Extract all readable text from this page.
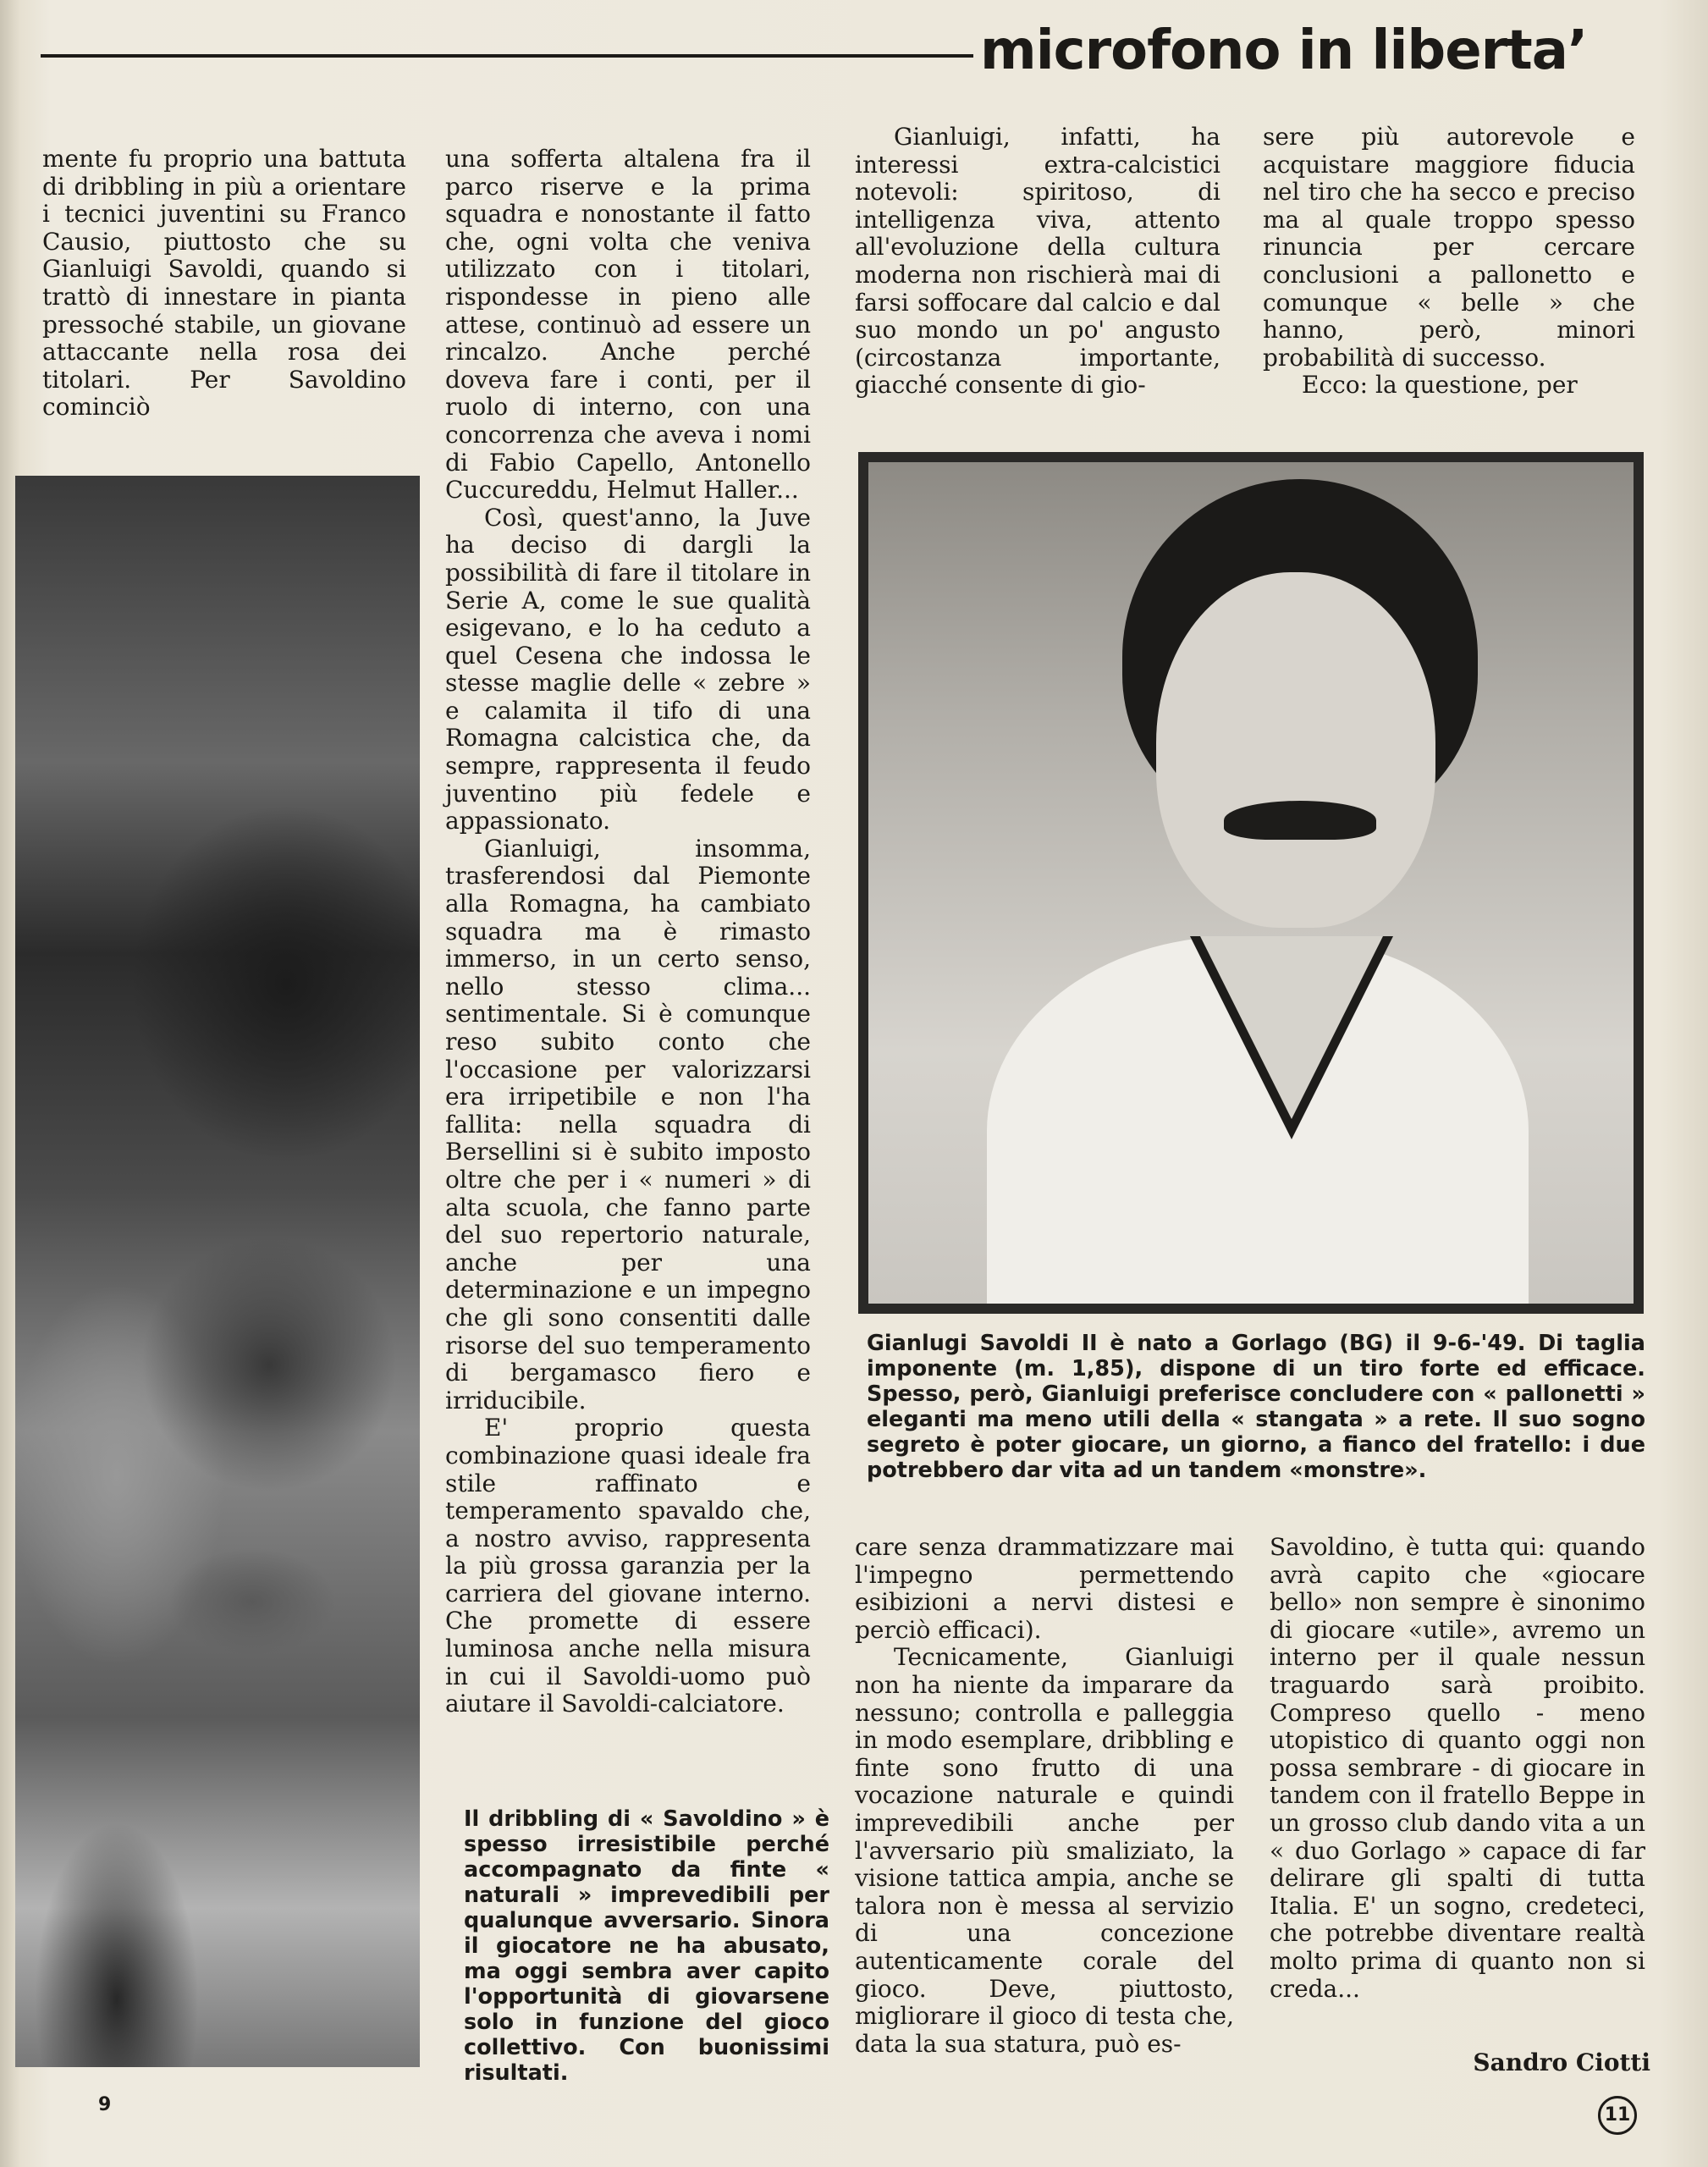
microfono in liberta’

mente fu proprio una battuta di dribbling in più a orientare i tecnici juventini su Franco Causio, piuttosto che su Gianluigi Savoldi, quando si trattò di innestare in pianta pressoché stabile, un giovane attaccante nella rosa dei titolari. Per Savoldino cominciò

una sofferta altalena fra il parco riserve e la prima squadra e nonostante il fatto che, ogni volta che veniva utilizzato con i titolari, rispondesse in pieno alle attese, continuò ad essere un rincalzo. Anche perché doveva fare i conti, per il ruolo di interno, con una concorrenza che aveva i nomi di Fabio Capello, Antonello Cuccureddu, Helmut Haller...

Così, quest'anno, la Juve ha deciso di dargli la possibilità di fare il titolare in Serie A, come le sue qualità esigevano, e lo ha ceduto a quel Cesena che indossa le stesse maglie delle « zebre » e calamita il tifo di una Romagna calcistica che, da sempre, rappresenta il feudo juventino più fedele e appassionato.

Gianluigi, insomma, trasferendosi dal Piemonte alla Romagna, ha cambiato squadra ma è rimasto immerso, in un certo senso, nello stesso clima... sentimentale. Si è comunque reso subito conto che l'occasione per valorizzarsi era irripetibile e non l'ha fallita: nella squadra di Bersellini si è subito imposto oltre che per i « numeri » di alta scuola, che fanno parte del suo repertorio naturale, anche per una determinazione e un impegno che gli sono consentiti dalle risorse del suo temperamento di bergamasco fiero e irriducibile.

E' proprio questa combinazione quasi ideale fra stile raffinato e temperamento spavaldo che, a nostro avviso, rappresenta la più grossa garanzia per la carriera del giovane interno. Che promette di essere luminosa anche nella misura in cui il Savoldi-uomo può aiutare il Savoldi-calciatore.

Il dribbling di « Savoldino » è spesso irresistibile perché accompagnato da finte « naturali » imprevedibili per qualunque avversario. Sinora il giocatore ne ha abusato, ma oggi sembra aver capito l'opportunità di giovarsene solo in funzione del gioco collettivo. Con buonissimi risultati.

Gianluigi, infatti, ha interessi extra-calcistici notevoli: spiritoso, di intelligenza viva, attento all'evoluzione della cultura moderna non rischierà mai di farsi soffocare dal calcio e dal suo mondo un po' angusto (circostanza importante, giacché consente di gio-

sere più autorevole e acquistare maggiore fiducia nel tiro che ha secco e preciso ma al quale troppo spesso rinuncia per cercare conclusioni a pallonetto e comunque « belle » che hanno, però, minori probabilità di successo.

Ecco: la questione, per

Gianlugi Savoldi II è nato a Gorlago (BG) il 9-6-'49. Di taglia imponente (m. 1,85), dispone di un tiro forte ed efficace. Spesso, però, Gianluigi preferisce concludere con « pallonetti » eleganti ma meno utili della « stangata » a rete. Il suo sogno segreto è poter giocare, un giorno, a fianco del fratello: i due potrebbero dar vita ad un tandem «monstre».

care senza drammatizzare mai l'impegno permettendo esibizioni a nervi distesi e perciò efficaci).

Tecnicamente, Gianluigi non ha niente da imparare da nessuno; controlla e palleggia in modo esemplare, dribbling e finte sono frutto di una vocazione naturale e quindi imprevedibili anche per l'avversario più smaliziato, la visione tattica ampia, anche se talora non è messa al servizio di una concezione autenticamente corale del gioco. Deve, piuttosto, migliorare il gioco di testa che, data la sua statura, può es-

Savoldino, è tutta qui: quando avrà capito che «giocare bello» non sempre è sinonimo di giocare «utile», avremo un interno per il quale nessun traguardo sarà proibito. Compreso quello - meno utopistico di quanto oggi non possa sembrare - di giocare in tandem con il fratello Beppe in un grosso club dando vita a un « duo Gorlago » capace di far delirare gli spalti di tutta Italia. E' un sogno, credeteci, che potrebbe diventare realtà molto prima di quanto non si creda...

Sandro Ciotti
9	11
